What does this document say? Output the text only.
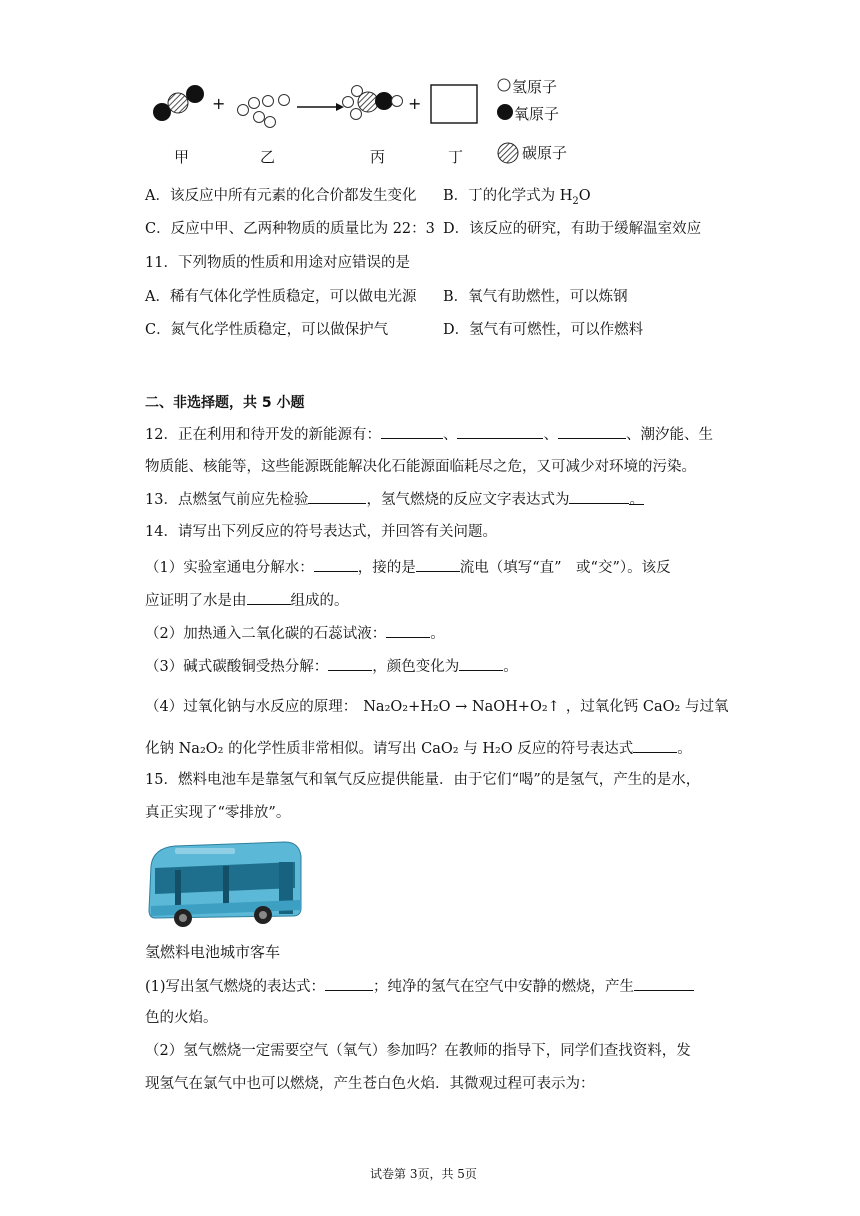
+	+
氢原子
氧原子
碳原子
甲	乙	丙	丁
A．该反应中所有元素的化合价都发生变化 B．丁的化学式为 $H_2O$
C．反应中甲、乙两种物质的质量比为 22：3 D．该反应的研究，有助于缓解温室效应
11．下列物质的性质和用途对应错误的是
A．稀有气体化学性质稳定，可以做电光源 B．氧气有助燃性，可以炼钢
C．氮气化学性质稳定，可以做保护气	D．氢气有可燃性，可以作燃料
二、非选择题，共 5 小题
12．正在利用和待开发的新能源有：	、	、	、潮汐能、生
物质能、核能等，这些能源既能解决化石能源面临耗尽之危，又可减少对环境的污染。
13．点燃氢气前应先检验	，氢气燃烧的反应文字表达式为	。
14．请写出下列反应的符号表达式，并回答有关问题。
（1）实验室通电分解水：	，接的是	流电（填写“直”　或“交”）。该反
应证明了水是由	组成的。
（2）加热通入二氧化碳的石蕊试液：	。
（3）碱式碳酸铜受热分解：	，颜色变化为	。
（4）过氧化钠与水反应的原理： Na₂O₂+H₂O → NaOH+O₂↑ ，过氧化钙 CaO₂ 与过氧
化钠 Na₂O₂ 的化学性质非常相似。请写出 CaO₂ 与 H₂O 反应的符号表达式	。
15．燃料电池车是靠氢气和氧气反应提供能量．由于它们“喝”的是氢气，产生的是水，
真正实现了“零排放”。
氢燃料电池城市客车
(1)写出氢气燃烧的表达式：	；纯净的氢气在空气中安静的燃烧，产生
色的火焰。
（2）氢气燃烧一定需要空气（氧气）参加吗？在教师的指导下，同学们查找资料，发
现氢气在氯气中也可以燃烧，产生苍白色火焰．其微观过程可表示为：
试卷第 3页，共 5页
